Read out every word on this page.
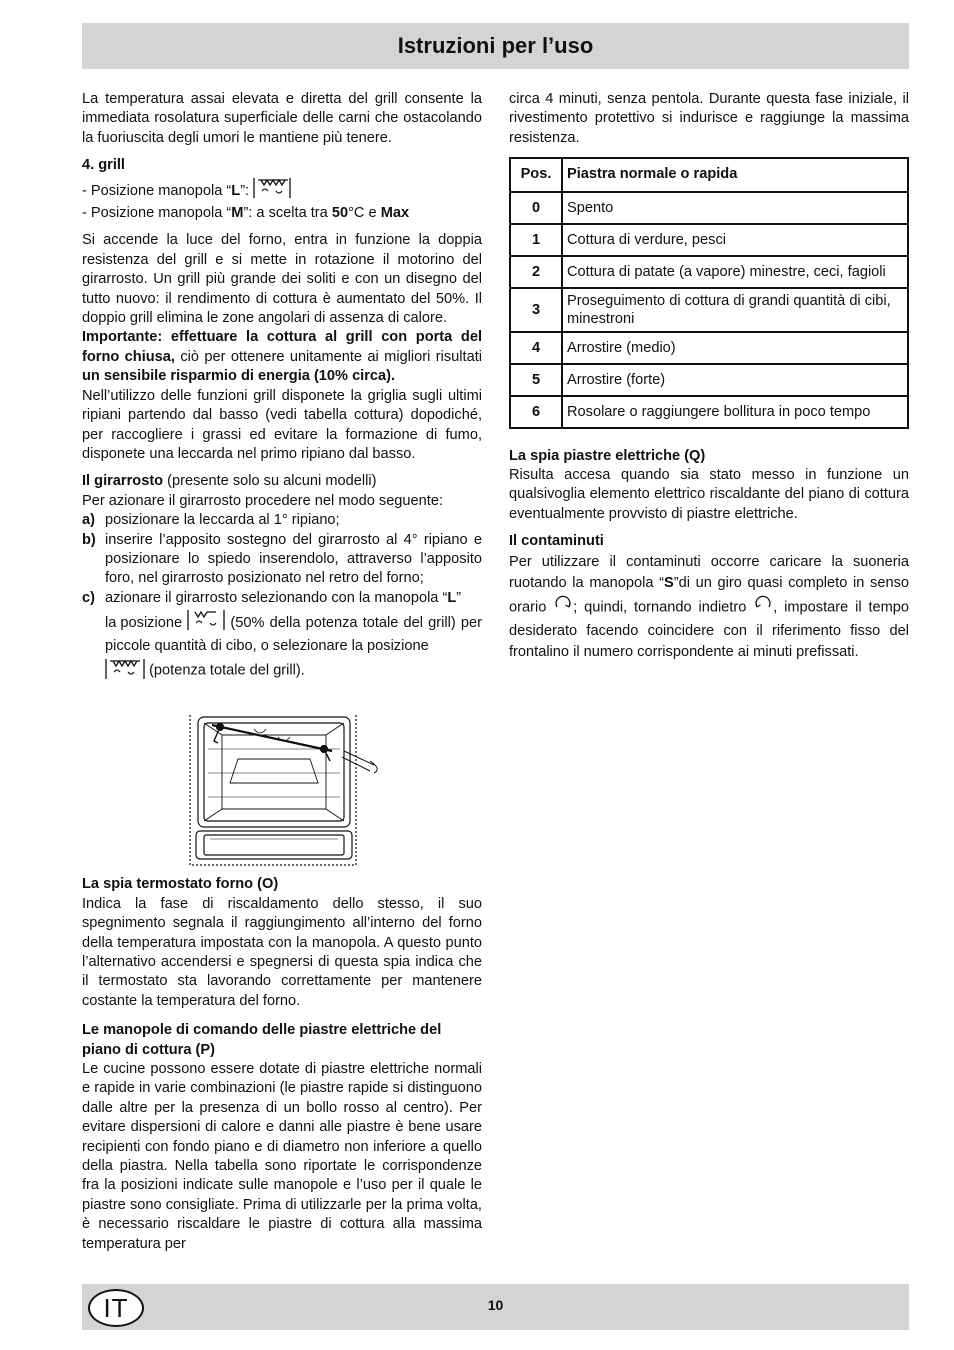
Istruzioni per l’uso

La temperatura assai elevata e diretta del grill consente la immediata rosolatura superficiale delle carni che ostacolando la fuoriuscita degli umori le mantiene più tenere.

4. grill

- Posizione manopola “L”:

- Posizione manopola “M”: a scelta tra 50°C e Max

Si accende la luce del forno, entra in funzione la doppia resistenza del grill e si mette in rotazione il motorino del girarrosto. Un grill più grande dei soliti e con un disegno del tutto nuovo: il rendimento di cottura è aumentato del 50%. Il doppio grill elimina le zone angolari di assenza di calore.

Importante: effettuare la cottura al grill con porta del forno chiusa, ciò per ottenere unitamente ai migliori risultati un sensibile risparmio di energia (10% circa).

Nell’utilizzo delle funzioni grill disponete la griglia sugli ultimi ripiani partendo dal basso (vedi tabella cottura) dopodiché, per raccogliere i grassi ed evitare la formazione di fumo, disponete una leccarda nel primo ripiano dal basso.

Il girarrosto (presente solo su alcuni modelli)

Per azionare il girarrosto procedere nel modo seguente:

a) posizionare la leccarda al 1° ripiano;
b) inserire l’apposito sostegno del girarrosto al 4° ripiano e posizionare lo spiedo inserendolo, attraverso l’apposito foro, nel girarrosto posizionato nel retro del forno;
c) azionare il girarrosto selezionando con la manopola “L”
la posizione	(50% della potenza totale del grill) per piccole quantità di cibo, o selezionare la posizione
(potenza totale del grill).

La spia termostato forno (O)

Indica la fase di riscaldamento dello stesso, il suo spegnimento segnala il raggiungimento all’interno del forno della temperatura impostata con la manopola. A questo punto l’alternativo accendersi e spegnersi di questa spia indica che il termostato sta lavorando correttamente per mantenere costante la temperatura del forno.

Le manopole di comando delle piastre elettriche del piano di cottura (P)

Le cucine possono essere dotate di piastre elettriche normali e rapide in varie combinazioni (le piastre rapide si distinguono dalle altre per la presenza di un bollo rosso al centro). Per evitare dispersioni di calore e danni alle piastre è bene usare recipienti con fondo piano e di diametro non inferiore a quello della piastra. Nella tabella sono riportate le corrispondenze fra la posizioni indicate sulle manopole e l’uso per il quale le piastre sono consigliate. Prima di utilizzarle per la prima volta, è necessario riscaldare le piastre di cottura alla massima temperatura per

circa 4 minuti, senza pentola. Durante questa fase iniziale, il rivestimento protettivo si indurisce e raggiunge la massima resistenza.

Pos.	Piastra normale o rapida
0	Spento
1	Cottura di verdure, pesci
2	Cottura di patate (a vapore) minestre, ceci, fagioli
3	Proseguimento di cottura di grandi quantità di cibi, minestroni
4	Arrostire (medio)
5	Arrostire (forte)
6	Rosolare o raggiungere bollitura in poco tempo

La spia piastre elettriche (Q)

Risulta accesa quando sia stato messo in funzione un qualsivoglia elemento elettrico riscaldante del piano di cottura eventualmente provvisto di piastre elettriche.

Il contaminuti

Per utilizzare il contaminuti occorre caricare la suoneria ruotando la manopola “S”di un giro quasi completo in senso orario ; quindi, tornando indietro , impostare il tempo desiderato facendo coincidere con il riferimento fisso del frontalino il numero corrispondente ai minuti prefissati.

IT	10
